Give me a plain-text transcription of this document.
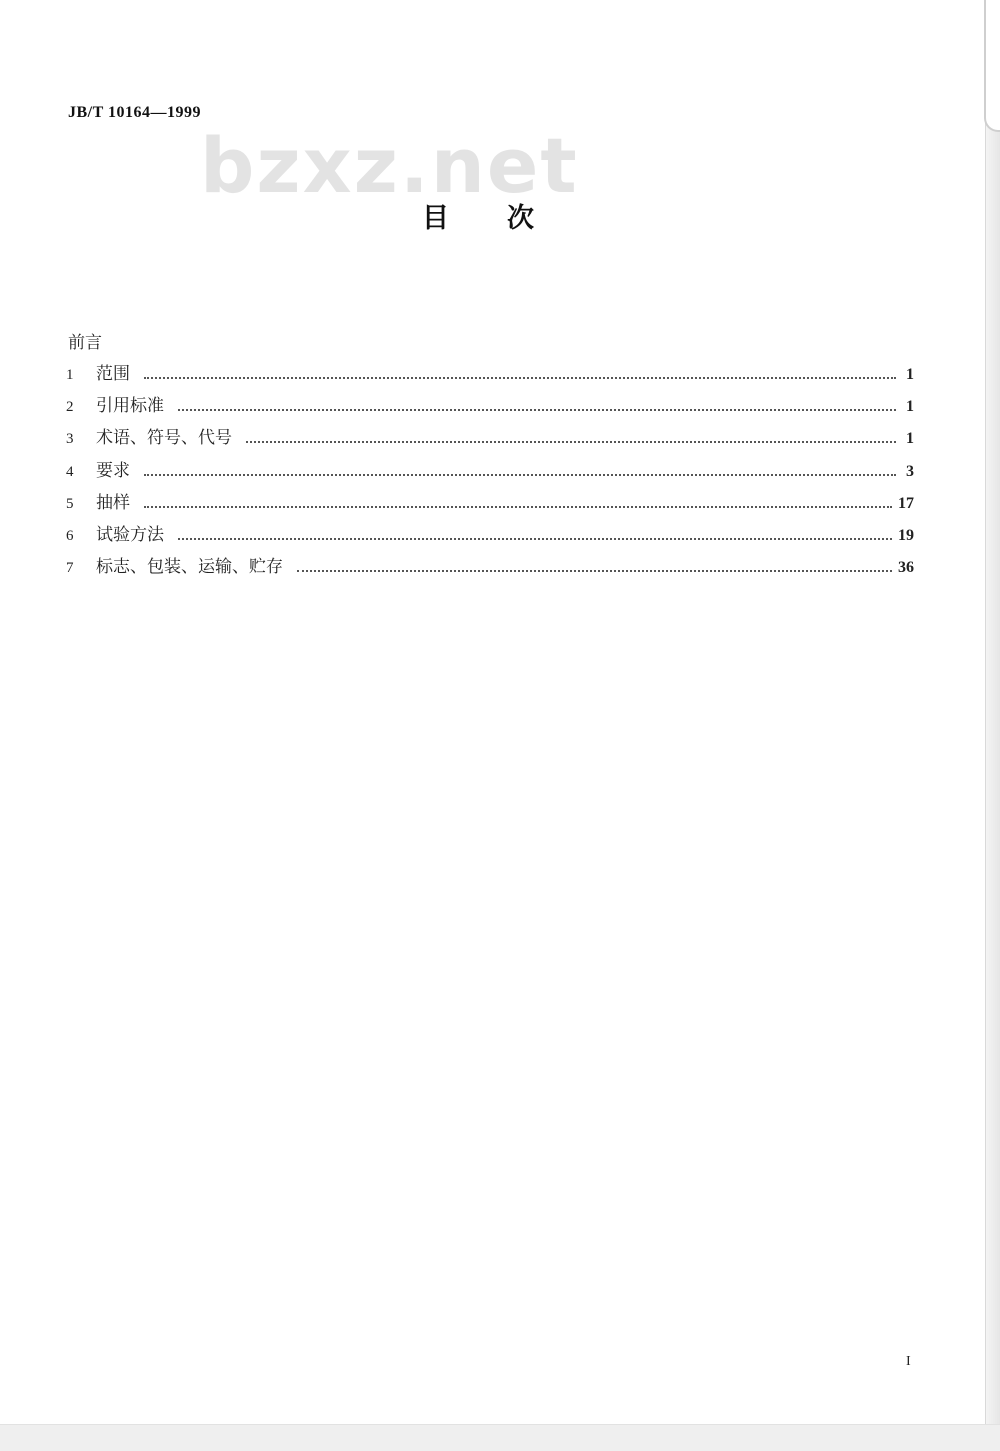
JB/T 10164—1999
bzxz.net
目次
前言
1	范围	1
2	引用标准	1
3	术语、符号、代号	1
4	要求	3
5	抽样	17
6	试验方法	19
7	标志、包装、运输、贮存	36
I
